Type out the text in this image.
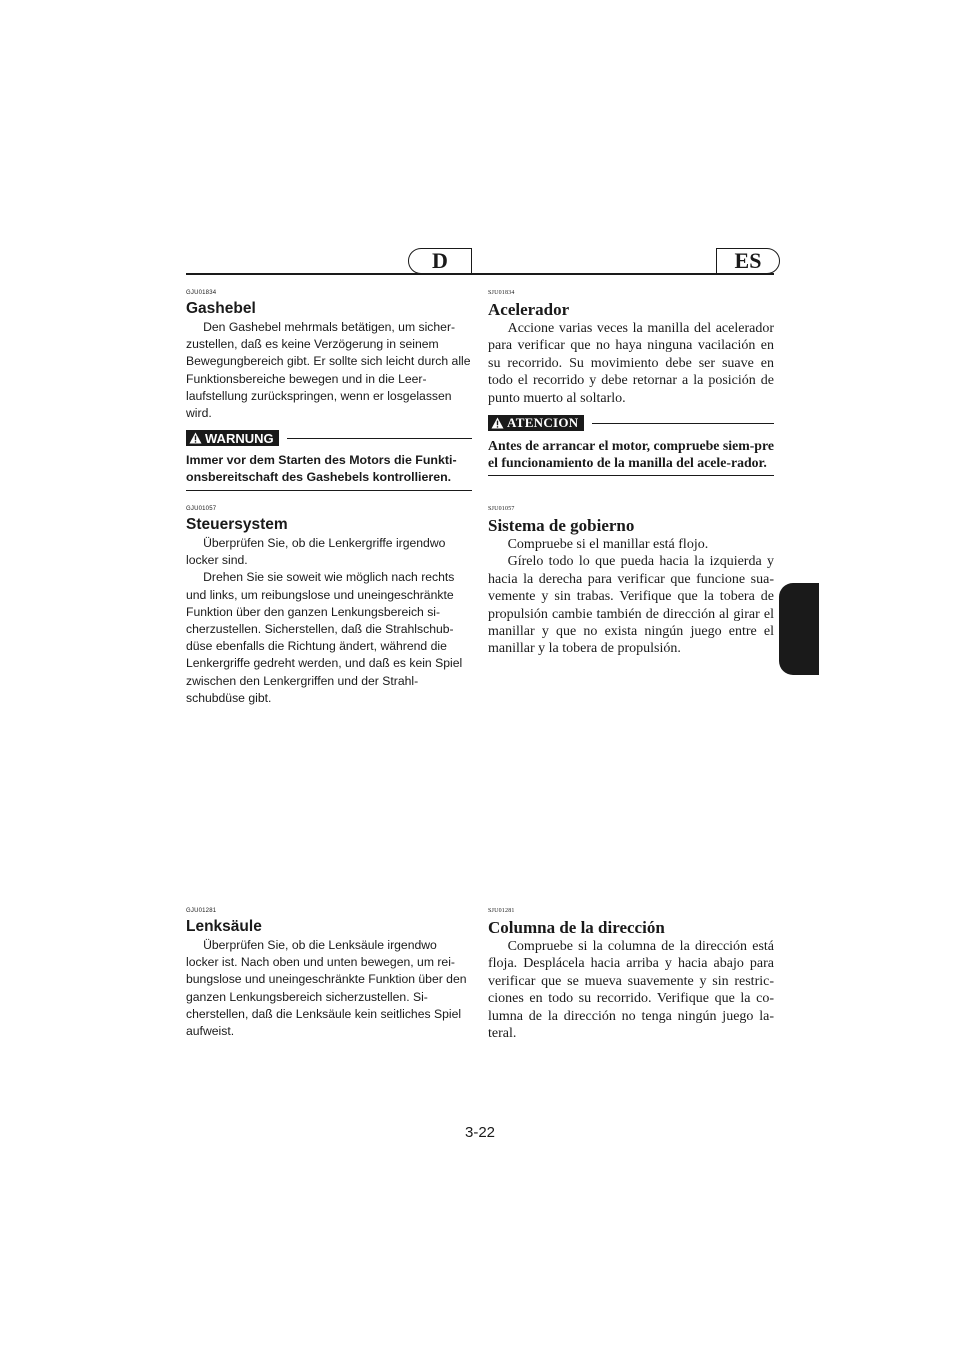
D	ES

GJU01834

Gashebel

Den Gashebel mehrmals betätigen, um sicher-zustellen, daß es keine Verzögerung in seinem Bewegungbereich gibt. Er sollte sich leicht durch alle Funktionsbereiche bewegen und in die Leer-laufstellung zurückspringen, wenn er losgelassen wird.

WARNUNG

Immer vor dem Starten des Motors die Funkti-onsbereitschaft des Gashebels kontrollieren.

GJU01057

Steuersystem

Überprüfen Sie, ob die Lenkergriffe irgendwo locker sind.

Drehen Sie sie soweit wie möglich nach rechts und links, um reibungslose und uneingeschränkte Funktion über den ganzen Lenkungsbereich si-cherzustellen. Sicherstellen, daß die Strahlschub-düse ebenfalls die Richtung ändert, während die Lenkergriffe gedreht werden, und daß es kein Spiel zwischen den Lenkergriffen und der Strahl-schubdüse gibt.

GJU01281

Lenksäule

Überprüfen Sie, ob die Lenksäule irgendwo locker ist. Nach oben und unten bewegen, um rei-bungslose und uneingeschränkte Funktion über den ganzen Lenkungsbereich sicherzustellen. Si-cherstellen, daß die Lenksäule kein seitliches Spiel aufweist.

SJU01834

Acelerador

Accione varias veces la manilla del acelerador para verificar que no haya ninguna vacilación en su recorrido. Su movimiento debe ser suave en todo el recorrido y debe retornar a la posición de punto muerto al soltarlo.

ATENCION

Antes de arrancar el motor, compruebe siem-pre el funcionamiento de la manilla del acele-rador.

SJU01057

Sistema de gobierno

Compruebe si el manillar está flojo.

Gírelo todo lo que pueda hacia la izquierda y hacia la derecha para verificar que funcione sua-vemente y sin trabas. Verifique que la tobera de propulsión cambie también de dirección al girar el manillar y que no exista ningún juego entre el manillar y la tobera de propulsión.

SJU01281

Columna de la dirección

Compruebe si la columna de la dirección está floja. Desplácela hacia arriba y hacia abajo para verificar que se mueva suavemente y sin restric-ciones en todo su recorrido. Verifique que la co-lumna de la dirección no tenga ningún juego la-teral.

3-22
